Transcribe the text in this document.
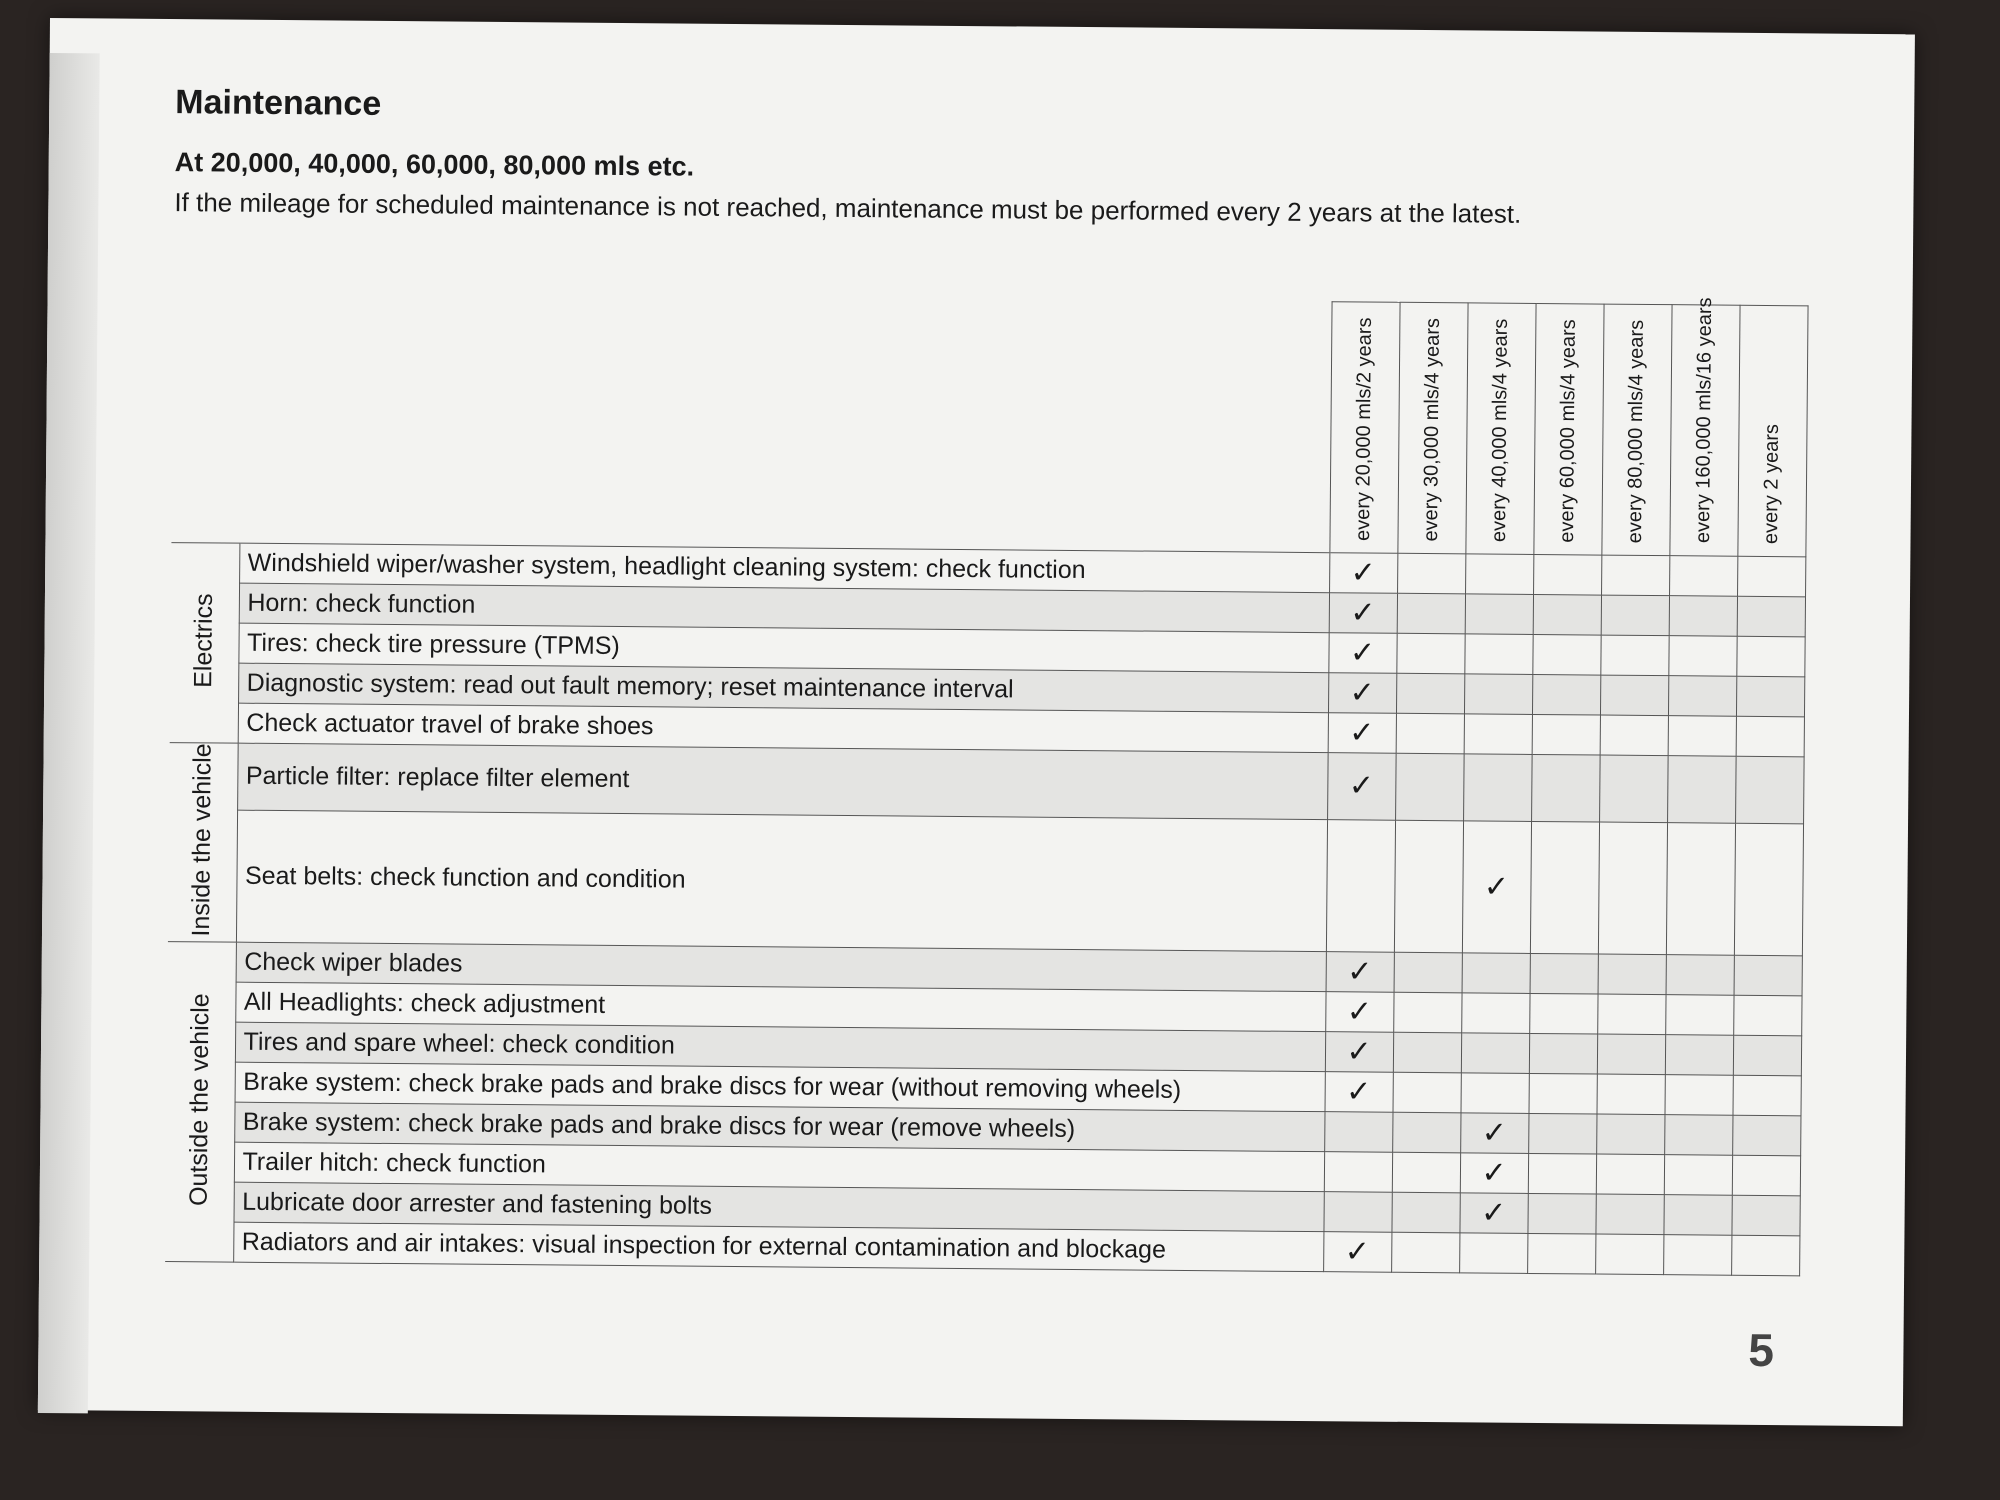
Maintenance
At 20,000, 40,000, 60,000, 80,000 mls etc.

If the mileage for scheduled maintenance is not reached, maintenance must be performed every 2 years at the latest.

		every 20,000 mls/2 years	every 30,000 mls/4 years	every 40,000 mls/4 years	every 60,000 mls/4 years	every 80,000 mls/4 years	every 160,000 mls/16 years	every 2 years

Electrics	Windshield wiper/washer system, headlight cleaning system: check function	✓						
	Horn: check function	✓						
	Tires: check tire pressure (TPMS)	✓						
	Diagnostic system: read out fault memory; reset maintenance interval	✓						
	Check actuator travel of brake shoes	✓						
Inside the vehicle	Particle filter: replace filter element	✓						
	Seat belts: check function and condition			✓				
Outside the vehicle	Check wiper blades	✓						
	All Headlights: check adjustment	✓						
	Tires and spare wheel: check condition	✓						
	Brake system: check brake pads and brake discs for wear (without removing wheels)	✓						
	Brake system: check brake pads and brake discs for wear (remove wheels)			✓				
	Trailer hitch: check function			✓				
	Lubricate door arrester and fastening bolts			✓				
	Radiators and air intakes: visual inspection for external contamination and blockage	✓						
5
